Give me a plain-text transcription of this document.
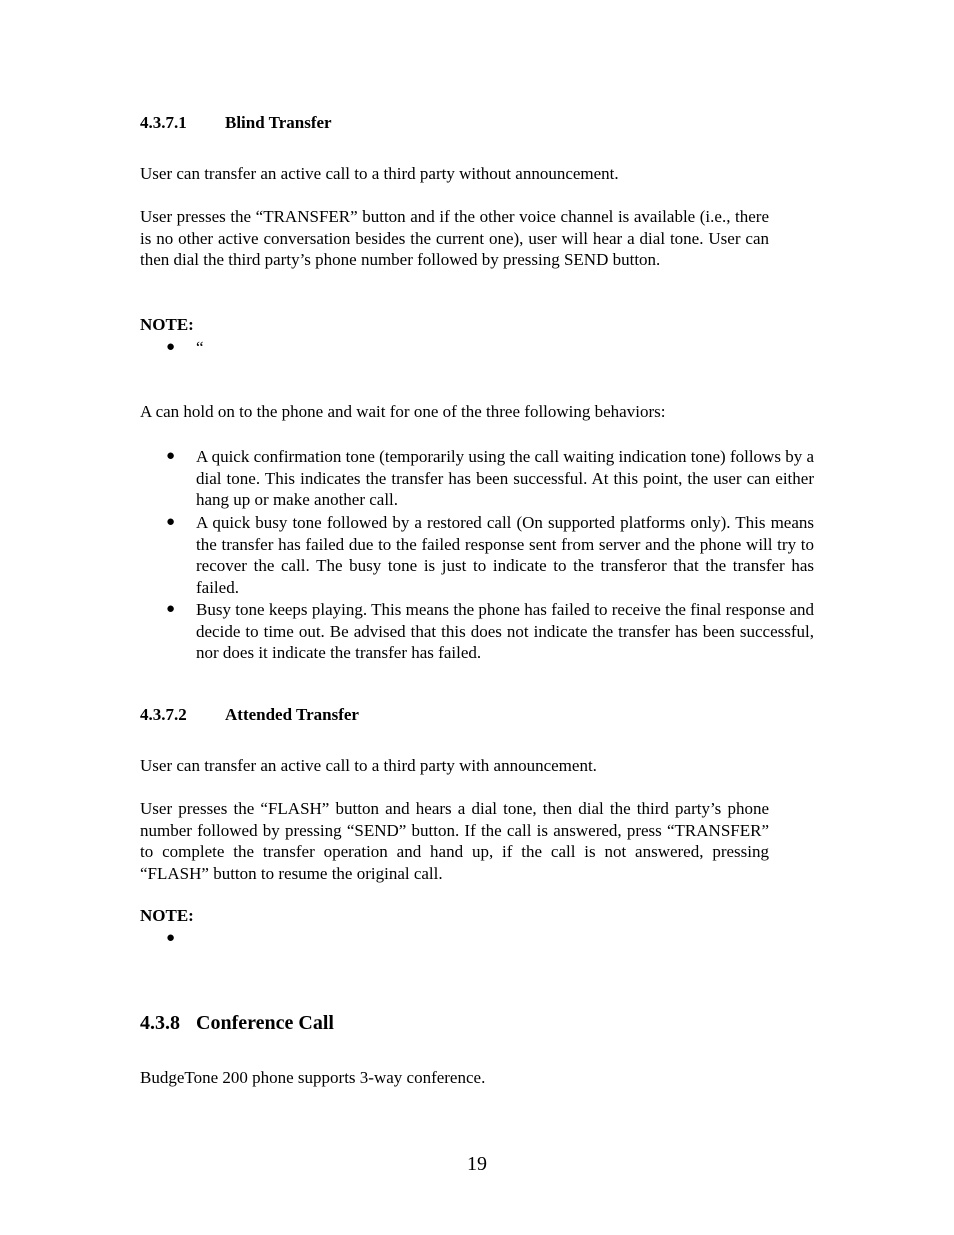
4.3.7.1 Blind Transfer
User can transfer an active call to a third party without announcement.
User presses the “TRANSFER” button and if the other voice channel is available (i.e., there is no other active conversation besides the current one), user will hear a dial tone. User can then dial the third party’s phone number followed by pressing SEND button.
NOTE:
●	“
A can hold on to the phone and wait for one of the three following behaviors:
●	A quick confirmation tone (temporarily using the call waiting indication tone) follows by a dial tone. This indicates the transfer has been successful. At this point, the user can either hang up or make another call.
●	A quick busy tone followed by a restored call (On supported platforms only). This means the transfer has failed due to the failed response sent from server and the phone will try to recover the call. The busy tone is just to indicate to the transferor that the transfer has failed.
●	Busy tone keeps playing. This means the phone has failed to receive the final response and decide to time out. Be advised that this does not indicate the transfer has been successful, nor does it indicate the transfer has failed.
4.3.7.2 Attended Transfer
User can transfer an active call to a third party with announcement.
User presses the “FLASH” button and hears a dial tone, then dial the third party’s phone number followed by pressing “SEND” button. If the call is answered, press “TRANSFER” to complete the transfer operation and hand up, if the call is not answered, pressing “FLASH” button to resume the original call.
NOTE:
●
4.3.8 Conference Call
BudgeTone 200 phone supports 3-way conference.
19
